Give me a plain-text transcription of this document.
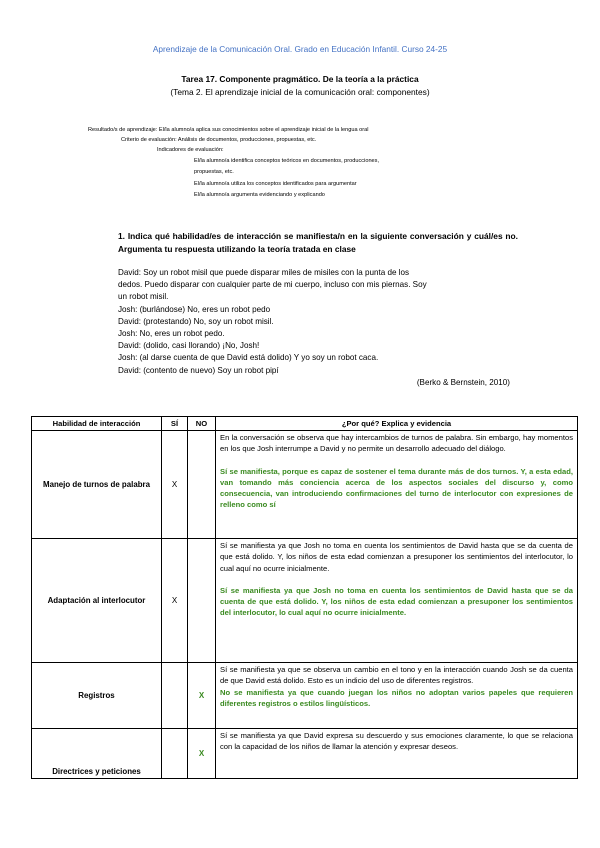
Aprendizaje de la Comunicación Oral. Grado en Educación Infantil. Curso 24-25
Tarea 17. Componente pragmático. De la teoría a la práctica
(Tema 2. El aprendizaje inicial de la comunicación oral: componentes)
Resultado/s de aprendizaje: El/la alumno/a aplica sus conocimientos sobre el aprendizaje inicial de la lengua oral
Criterio de evaluación: Análisis de documentos, producciones, propuestas, etc.
Indicadores de evaluación:
El/la alumno/a identifica conceptos teóricos en documentos, producciones,
propuestas, etc.
El/la alumno/a utiliza los conceptos identificados para argumentar
El/la alumno/a argumenta evidenciando y explicando
1. Indica qué habilidad/es de interacción se manifiesta/n en la siguiente conversación y cuál/es no. Argumenta tu respuesta utilizando la teoría tratada en clase
David: Soy un robot misil que puede disparar miles de misiles con la punta de los
dedos. Puedo disparar con cualquier parte de mi cuerpo, incluso con mis piernas. Soy
un robot misil.
Josh: (burlándose) No, eres un robot pedo
David: (protestando) No, soy un robot misil.
Josh: No, eres un robot pedo.
David: (dolido, casi llorando) ¡No, Josh!
Josh: (al darse cuenta de que David está dolido) Y yo soy un robot caca.
David: (contento de nuevo) Soy un robot pipí
(Berko & Bernstein, 2010)
Habilidad de interacción	SÍ	NO	¿Por qué? Explica y evidencia
Manejo de turnos de palabra	X		En la conversación se observa que hay intercambios de turnos de palabra. Sin embargo, hay momentos en los que Josh interrumpe a David y no permite un desarrollo adecuado del diálogo.

Sí se manifiesta, porque es capaz de sostener el tema durante más de dos turnos. Y, a esta edad, van tomando más conciencia acerca de los aspectos sociales del discurso y, como consecuencia, van introduciendo confirmaciones del turno de interlocutor con expresiones de relleno como sí

Adaptación al interlocutor	X		Sí se manifiesta ya que Josh no toma en cuenta los sentimientos de David hasta que se da cuenta de que está dolido. Y, los niños de esta edad comienzan a presuponer los sentimientos del interlocutor, lo cual aquí no ocurre inicialmente.

Sí se manifiesta ya que Josh no toma en cuenta los sentimientos de David hasta que se da cuenta de que está dolido. Y, los niños de esta edad comienzan a presuponer los sentimientos del interlocutor, lo cual aquí no ocurre inicialmente.

Registros		X	Sí se manifiesta ya que se observa un cambio en el tono y en la interacción cuando Josh se da cuenta de que David está dolido. Esto es un indicio del uso de diferentes registros.

No se manifiesta ya que cuando juegan los niños no adoptan varios papeles que requieren diferentes registros o estilos lingüísticos.

Directrices y peticiones		X	Sí se manifiesta ya que David expresa su descuerdo y sus emociones claramente, lo que se relaciona con la capacidad de los niños de llamar la atención y expresar deseos.
